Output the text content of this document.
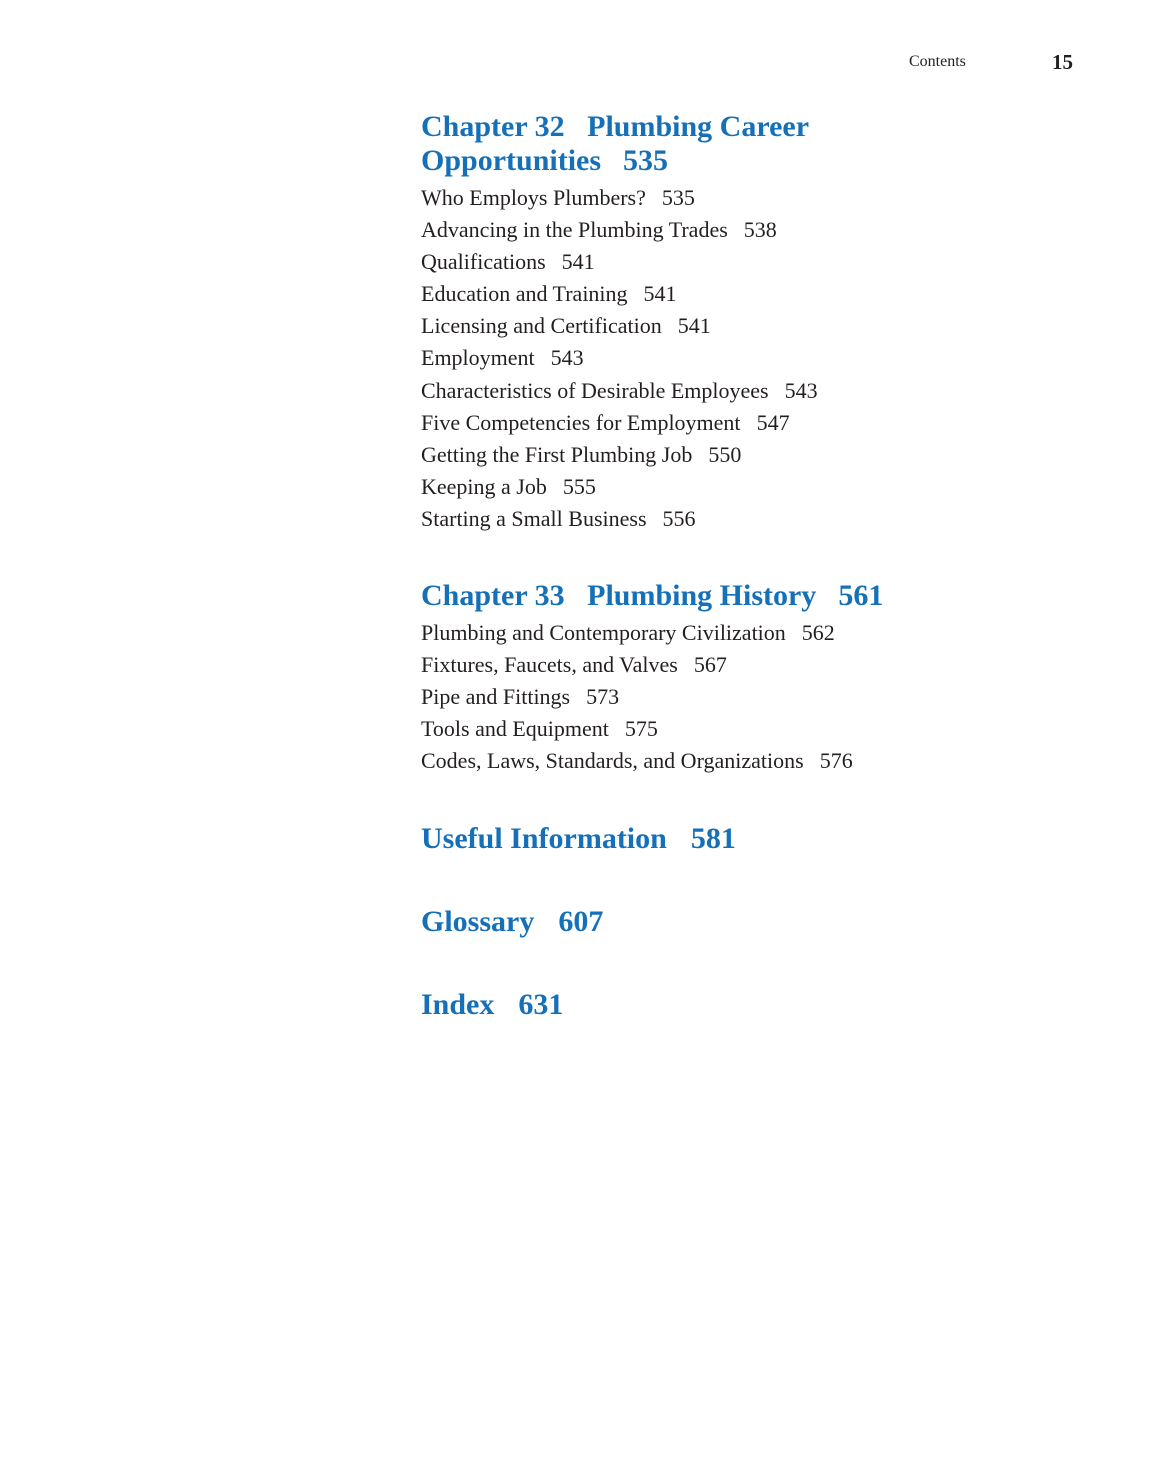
Contents	15
Chapter 32   Plumbing Career
Opportunities 535
Who Employs Plumbers? 535
Advancing in the Plumbing Trades 538
Qualifications 541
Education and Training 541
Licensing and Certification 541
Employment 543
Characteristics of Desirable Employees 543
Five Competencies for Employment 547
Getting the First Plumbing Job 550
Keeping a Job 555
Starting a Small Business 556
Chapter 33   Plumbing History 561
Plumbing and Contemporary Civilization 562
Fixtures, Faucets, and Valves 567
Pipe and Fittings 573
Tools and Equipment 575
Codes, Laws, Standards, and Organizations 576
Useful Information 581
Glossary 607
Index 631
